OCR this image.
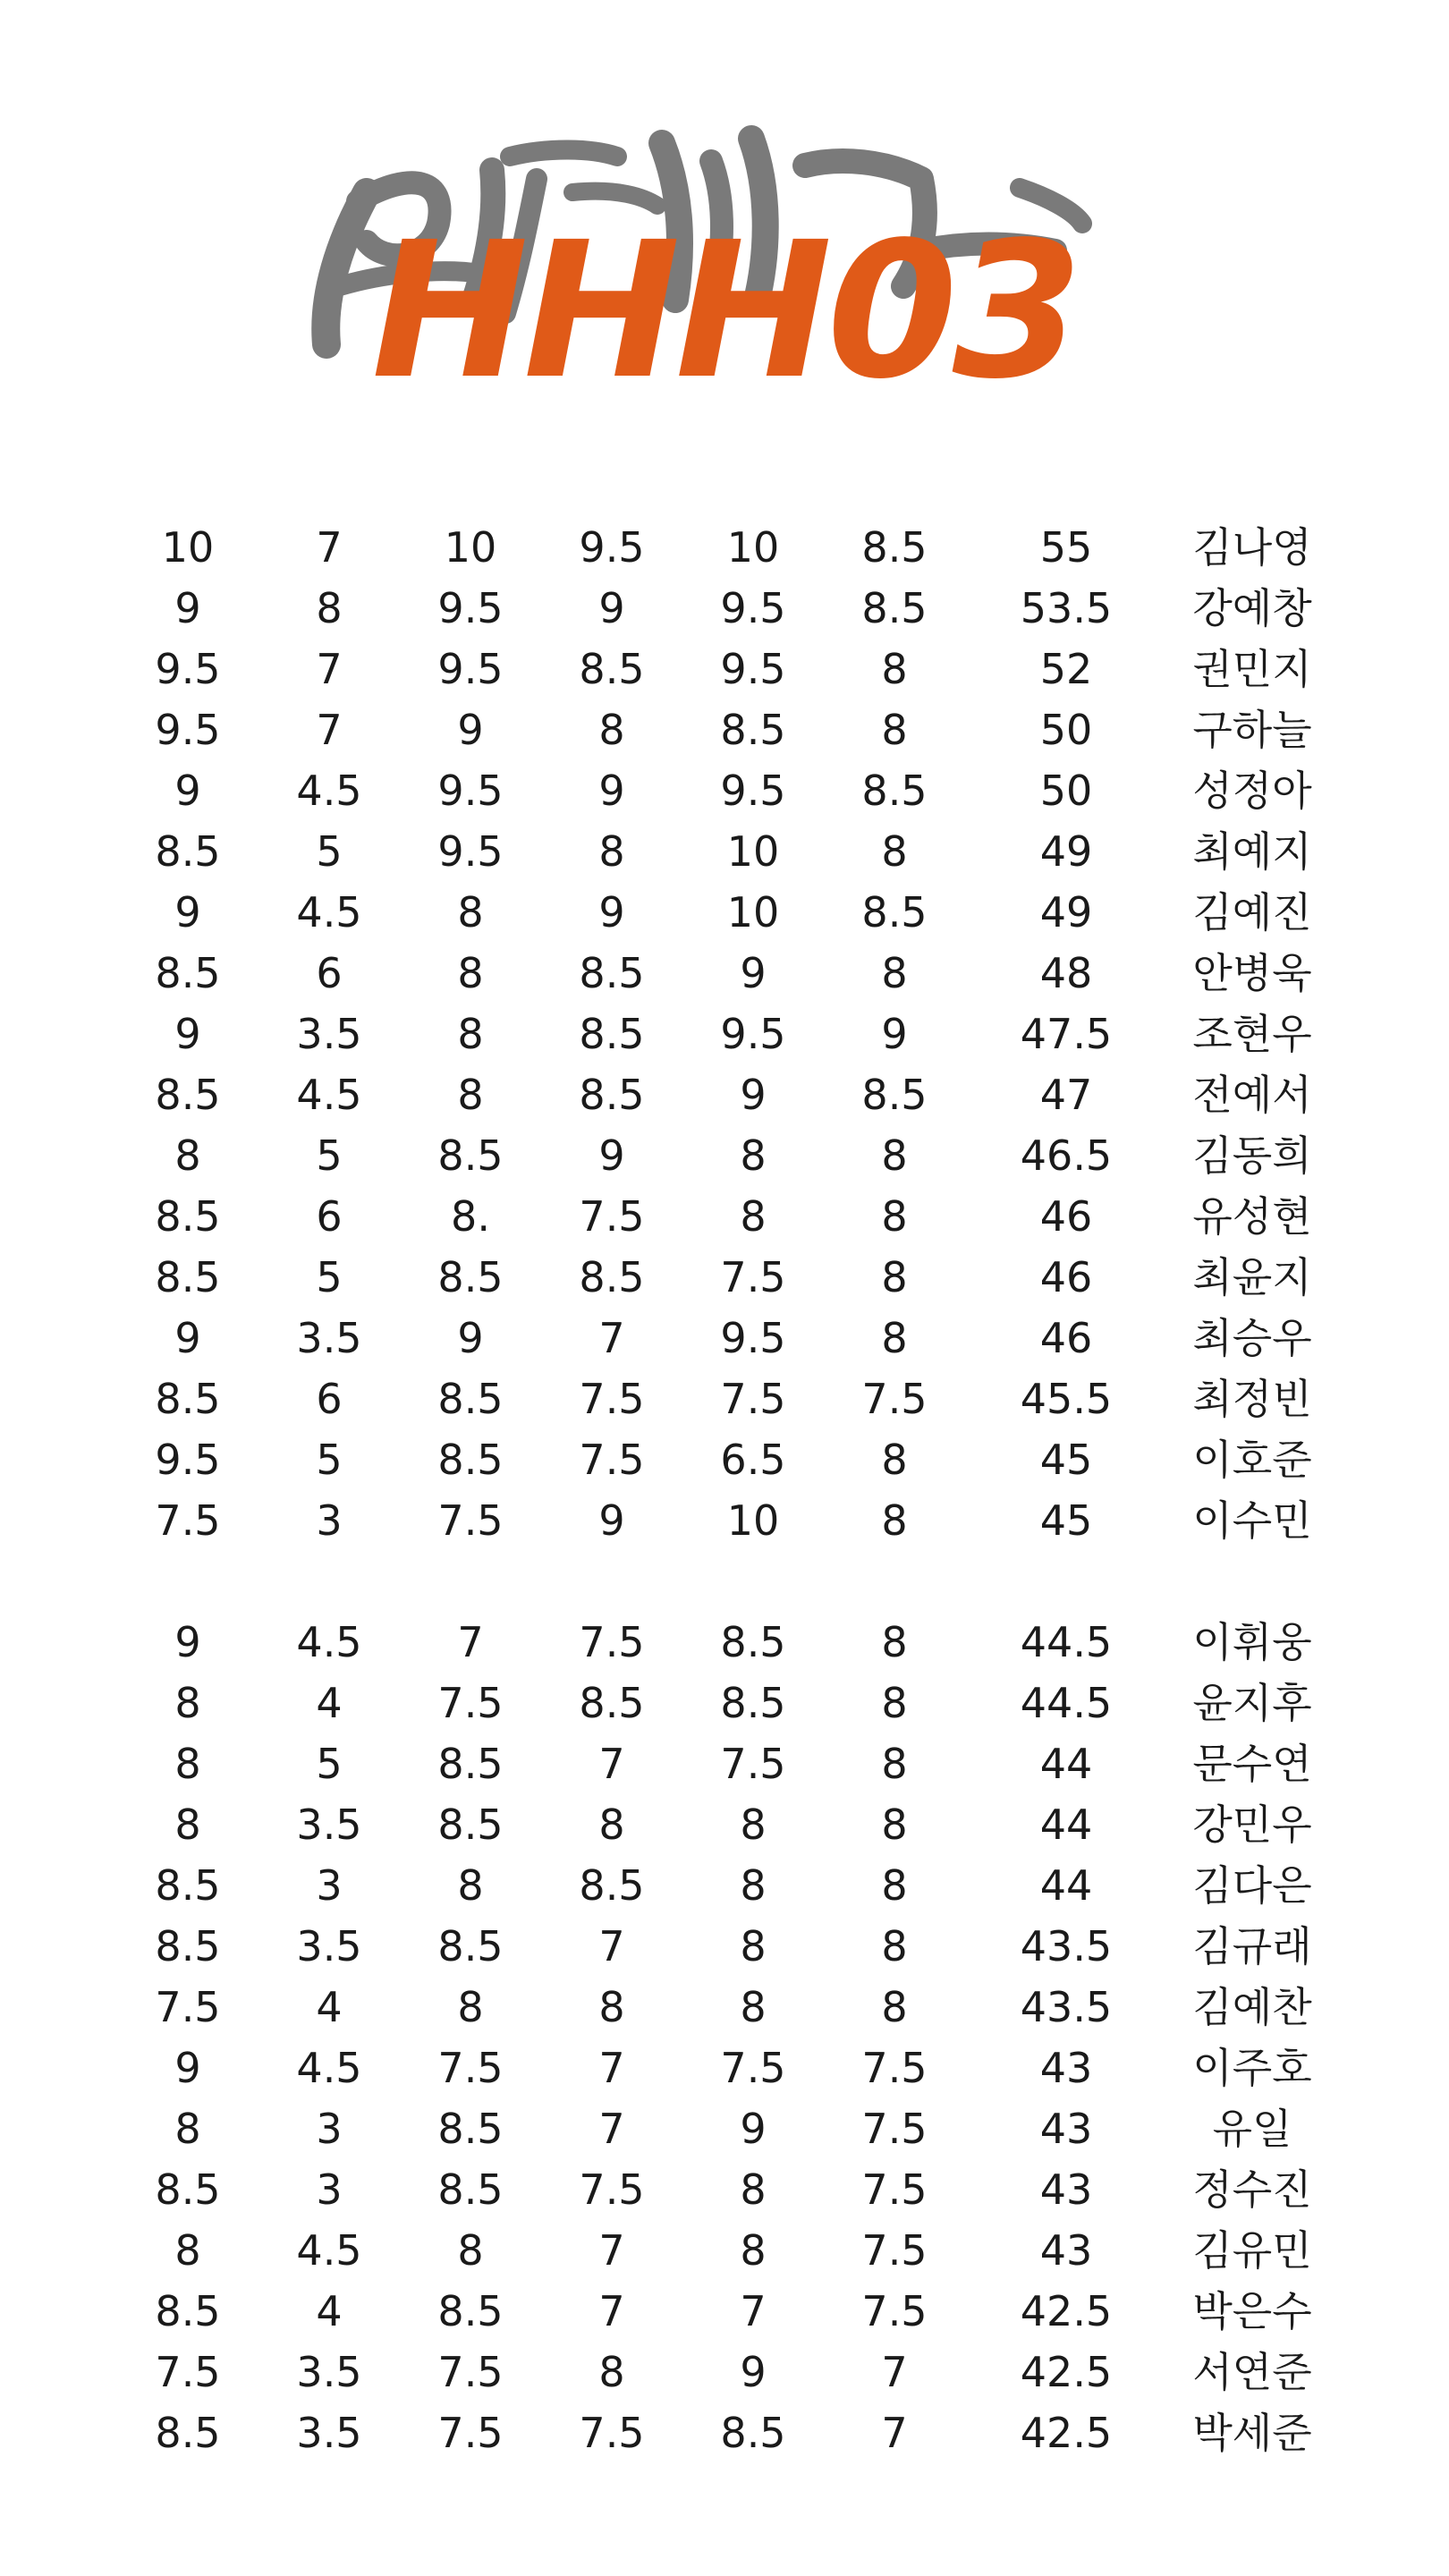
HHH03
10	7	10	9.5	10	8.5	55	김나영
9	8	9.5	9	9.5	8.5	53.5	강예창
9.5	7	9.5	8.5	9.5	8	52	권민지
9.5	7	9	8	8.5	8	50	구하늘
9	4.5	9.5	9	9.5	8.5	50	성정아
8.5	5	9.5	8	10	8	49	최예지
9	4.5	8	9	10	8.5	49	김예진
8.5	6	8	8.5	9	8	48	안병욱
9	3.5	8	8.5	9.5	9	47.5	조현우
8.5	4.5	8	8.5	9	8.5	47	전예서
8	5	8.5	9	8	8	46.5	김동희
8.5	6	8.	7.5	8	8	46	유성현
8.5	5	8.5	8.5	7.5	8	46	최윤지
9	3.5	9	7	9.5	8	46	최승우
8.5	6	8.5	7.5	7.5	7.5	45.5	최정빈
9.5	5	8.5	7.5	6.5	8	45	이호준
7.5	3	7.5	9	10	8	45	이수민
9	4.5	7	7.5	8.5	8	44.5	이휘웅
8	4	7.5	8.5	8.5	8	44.5	윤지후
8	5	8.5	7	7.5	8	44	문수연
8	3.5	8.5	8	8	8	44	강민우
8.5	3	8	8.5	8	8	44	김다은
8.5	3.5	8.5	7	8	8	43.5	김규래
7.5	4	8	8	8	8	43.5	김예찬
9	4.5	7.5	7	7.5	7.5	43	이주호
8	3	8.5	7	9	7.5	43	유일
8.5	3	8.5	7.5	8	7.5	43	정수진
8	4.5	8	7	8	7.5	43	김유민
8.5	4	8.5	7	7	7.5	42.5	박은수
7.5	3.5	7.5	8	9	7	42.5	서연준
8.5	3.5	7.5	7.5	8.5	7	42.5	박세준
